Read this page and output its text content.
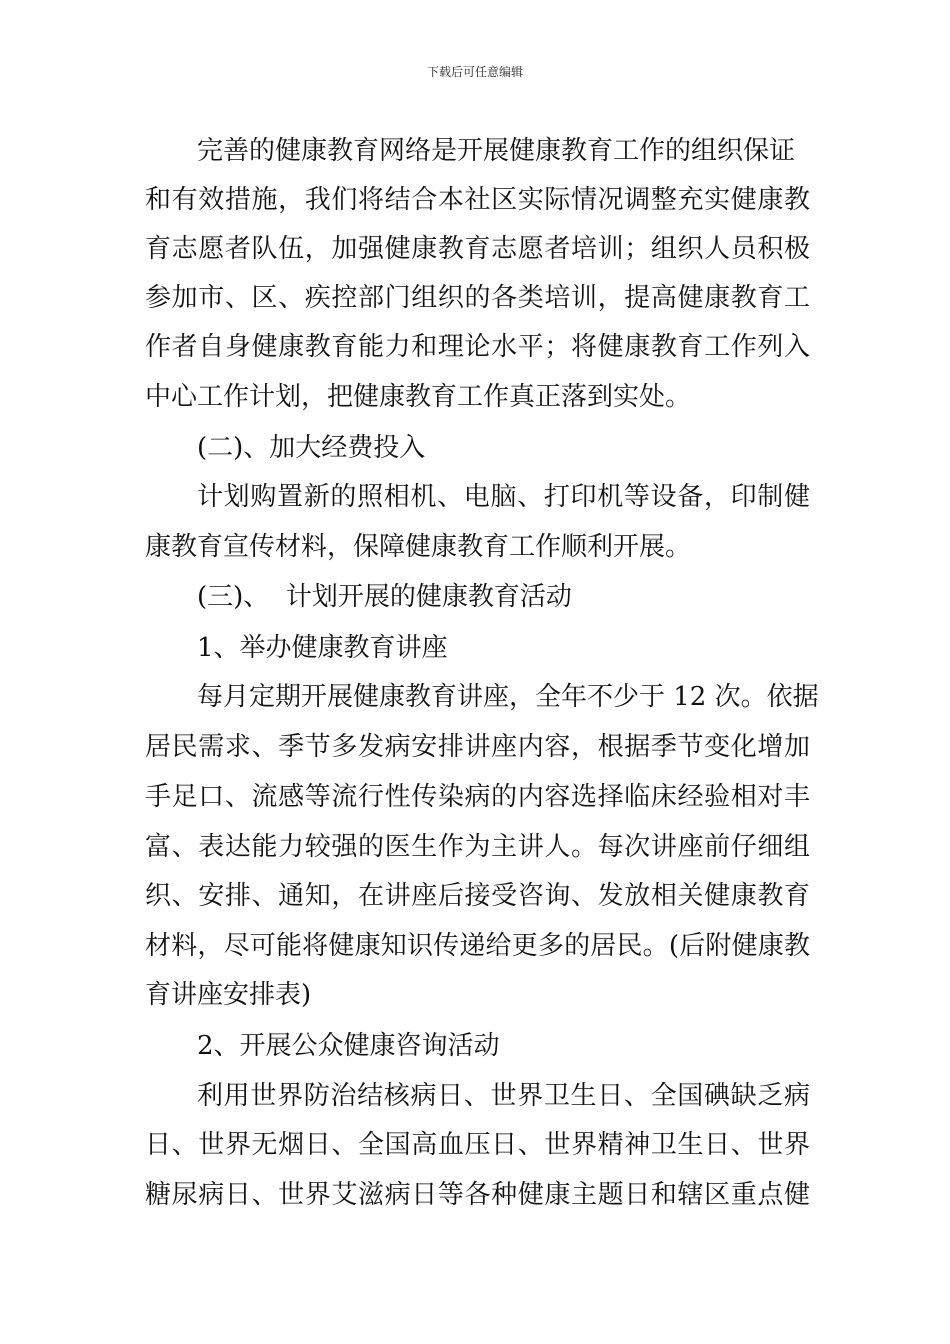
下载后可任意编辑
完善的健康教育网络是开展健康教育工作的组织保证
和有效措施，我们将结合本社区实际情况调整充实健康教
育志愿者队伍，加强健康教育志愿者培训；组织人员积极
参加市、区、疾控部门组织的各类培训，提高健康教育工
作者自身健康教育能力和理论水平；将健康教育工作列入
中心工作计划，把健康教育工作真正落到实处。
(二)、加大经费投入
计划购置新的照相机、电脑、打印机等设备，印制健
康教育宣传材料，保障健康教育工作顺利开展。
(三)、  计划开展的健康教育活动
1、举办健康教育讲座
每月定期开展健康教育讲座，全年不少于 12 次。依据
居民需求、季节多发病安排讲座内容，根据季节变化增加
手足口、流感等流行性传染病的内容选择临床经验相对丰
富、表达能力较强的医生作为主讲人。每次讲座前仔细组
织、安排、通知，在讲座后接受咨询、发放相关健康教育
材料，尽可能将健康知识传递给更多的居民。(后附健康教
育讲座安排表)
2、开展公众健康咨询活动
利用世界防治结核病日、世界卫生日、全国碘缺乏病
日、世界无烟日、全国高血压日、世界精神卫生日、世界
糖尿病日、世界艾滋病日等各种健康主题日和辖区重点健
